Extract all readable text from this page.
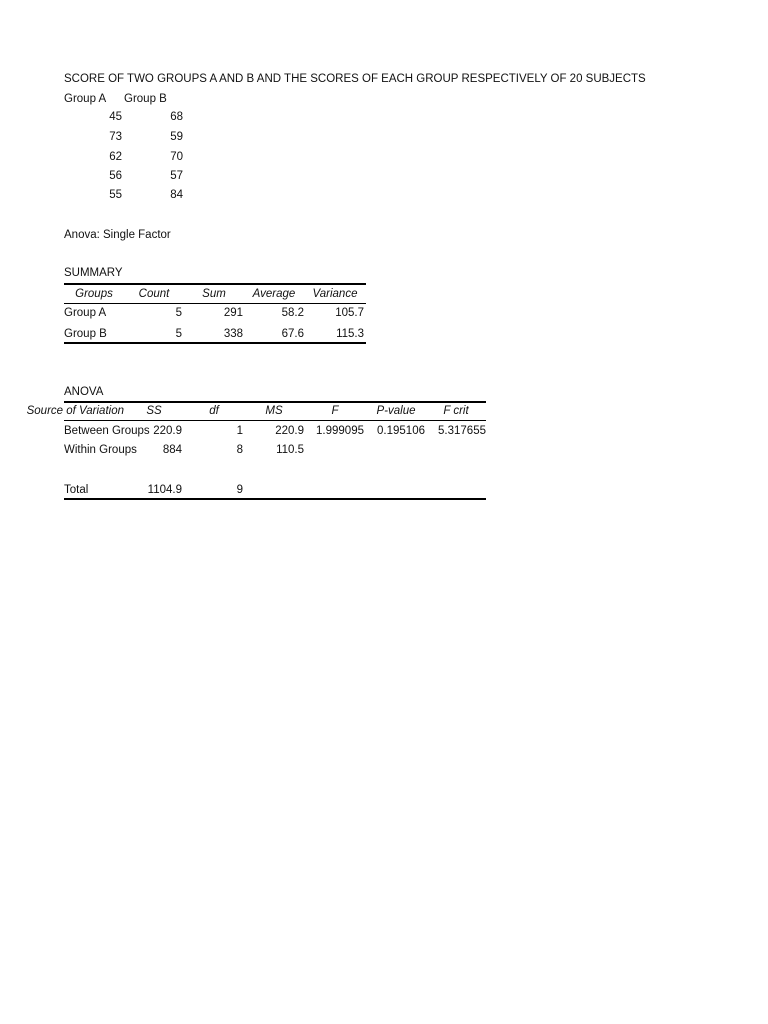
SCORE OF TWO GROUPS A AND B AND THE SCORES OF EACH GROUP RESPECTIVELY OF 20 SUBJECTS
Group A Group B
45	68
73	59
62	70
56	57
55	84
Anova: Single Factor
SUMMARY
Groups	Count	Sum	Average	Variance
Group A	5	291	58.2	105.7
Group B	5	338	67.6	115.3
ANOVA
Source of Variation	SS	df	MS	F	P-value	F crit
Between Groups 220.9	1	220.9	1.999095	0.195106	5.317655
Within Groups	884	8	110.5
Total	1104.9	9
